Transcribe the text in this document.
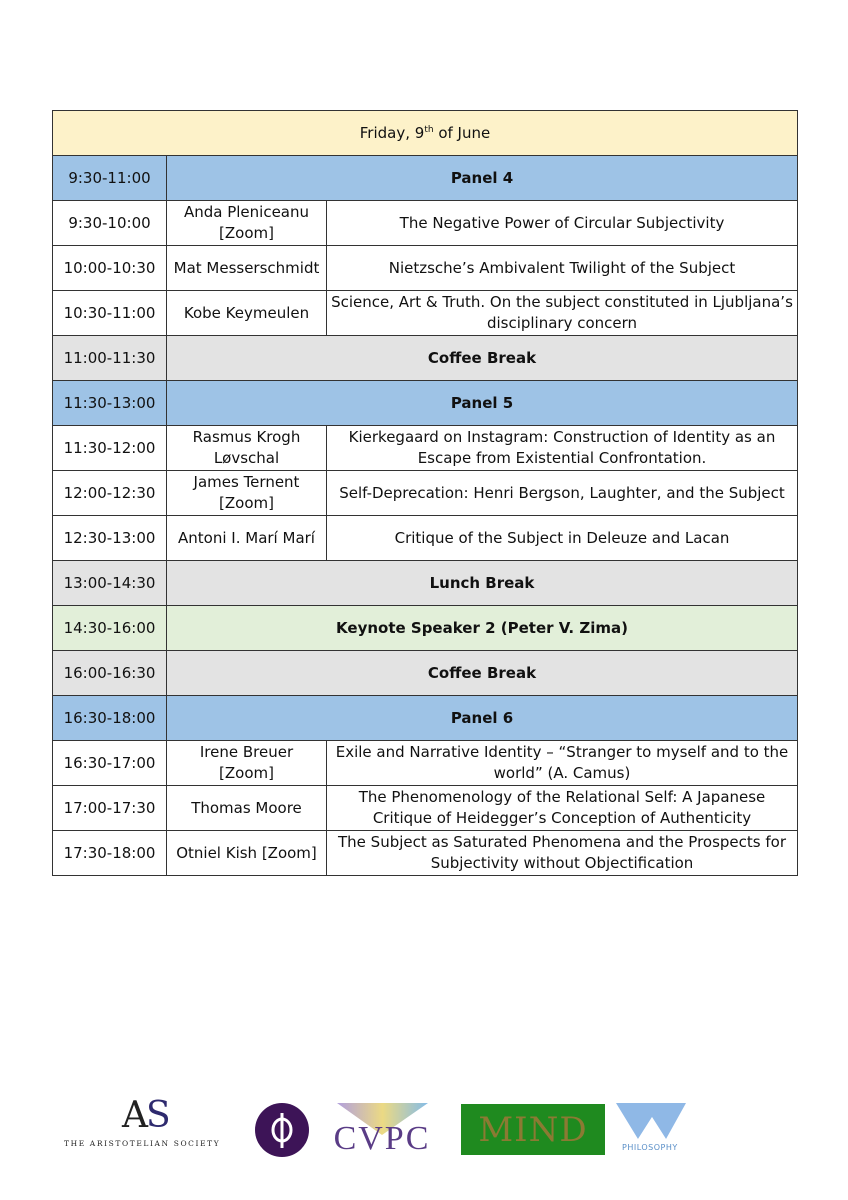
Friday, 9th of June		
9:30-11:00	Panel 4	
9:30-10:00	Anda Pleniceanu [Zoom]	The Negative Power of Circular Subjectivity
10:00-10:30	Mat Messerschmidt	Nietzsche’s Ambivalent Twilight of the Subject
10:30-11:00	Kobe Keymeulen	Science, Art & Truth. On the subject constituted in Ljubljana’s disciplinary concern
11:00-11:30	Coffee Break	
11:30-13:00	Panel 5	
11:30-12:00	Rasmus Krogh Løvschal	Kierkegaard on Instagram: Construction of Identity as an Escape from Existential Confrontation.
12:00-12:30	James Ternent [Zoom]	Self-Deprecation: Henri Bergson, Laughter, and the Subject
12:30-13:00	Antoni I. Marí Marí	Critique of the Subject in Deleuze and Lacan
13:00-14:30	Lunch Break	
14:30-16:00	Keynote Speaker 2 (Peter V. Zima)	
16:00-16:30	Coffee Break	
16:30-18:00	Panel 6	
16:30-17:00	Irene Breuer [Zoom]	Exile and Narrative Identity – “Stranger to myself and to the world” (A. Camus)
17:00-17:30	Thomas Moore	The Phenomenology of the Relational Self: A Japanese Critique of Heidegger’s Conception of Authenticity
17:30-18:00	Otniel Kish [Zoom]	The Subject as Saturated Phenomena and the Prospects for Subjectivity without Objectification
AS
THE ARISTOTELIAN SOCIETY	CVPC	MIND	PHILOSOPHY
